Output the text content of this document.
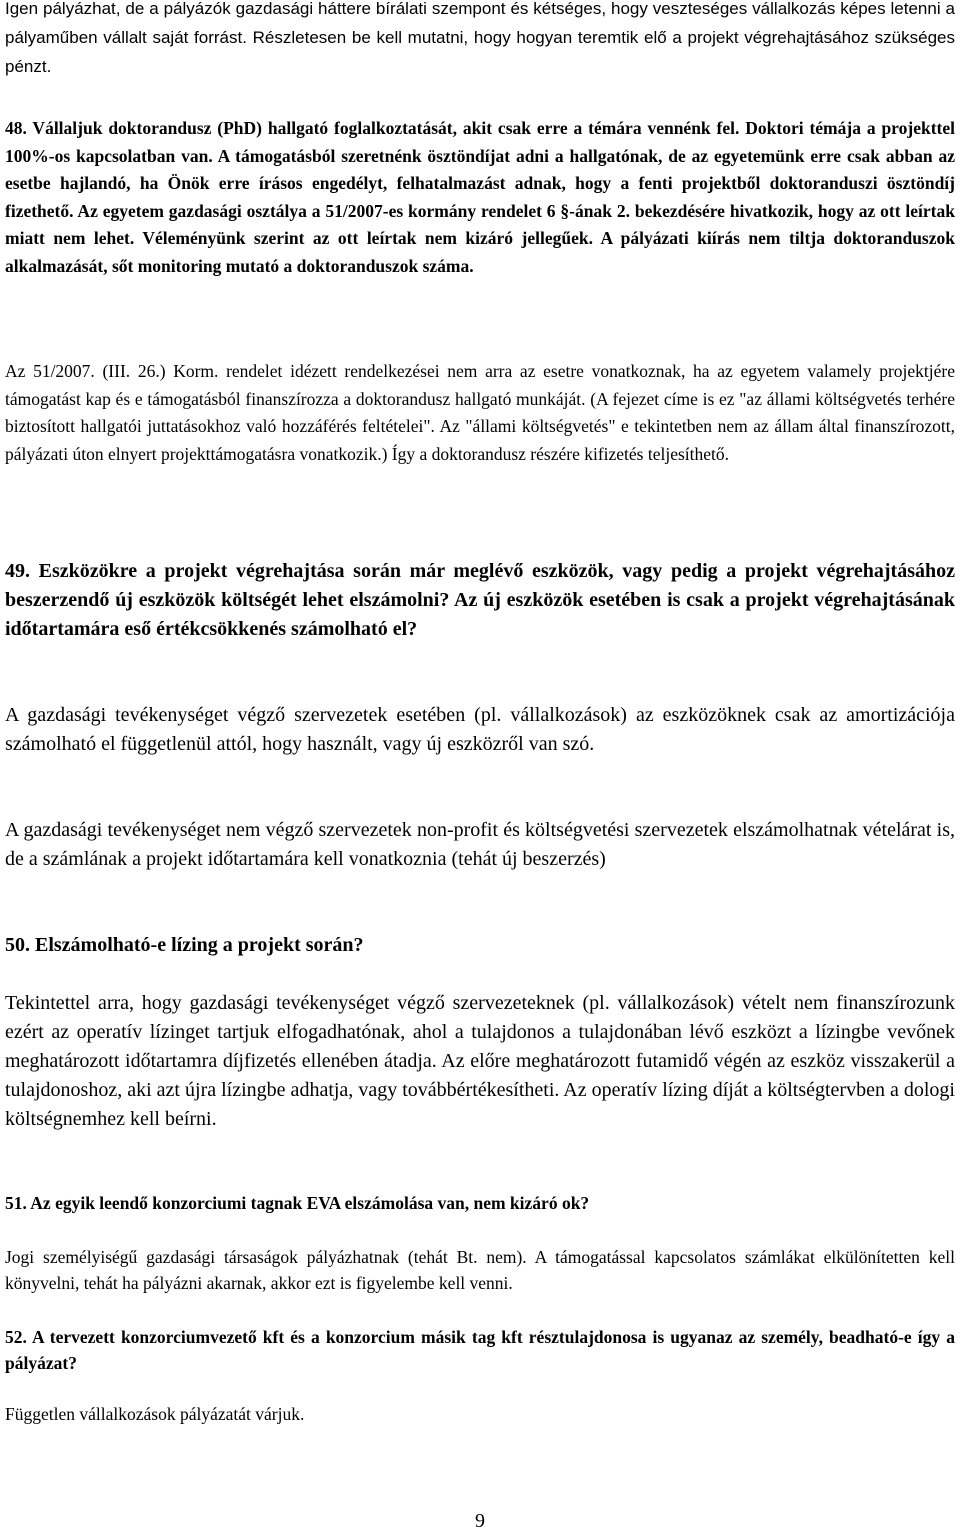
Igen pályázhat, de a pályázók gazdasági háttere bírálati szempont és kétséges, hogy veszteséges vállalkozás képes letenni a pályaműben vállalt saját forrást. Részletesen be kell mutatni, hogy hogyan teremtik elő a projekt végrehajtásához szükséges pénzt.

48. Vállaljuk doktorandusz (PhD) hallgató foglalkoztatását, akit csak erre a témára vennénk fel. Doktori témája a projekttel 100%-os kapcsolatban van. A támogatásból szeretnénk ösztöndíjat adni a hallgatónak, de az egyetemünk erre csak abban az esetbe hajlandó, ha Önök erre írásos engedélyt, felhatalmazást adnak, hogy a fenti projektből doktoranduszi ösztöndíj fizethető. Az egyetem gazdasági osztálya a 51/2007-es kormány rendelet 6 §-ának 2. bekezdésére hivatkozik, hogy az ott leírtak miatt nem lehet. Véleményünk szerint az ott leírtak nem kizáró jellegűek. A pályázati kiírás nem tiltja doktoranduszok alkalmazását, sőt monitoring mutató a doktoranduszok száma.

Az 51/2007. (III. 26.) Korm. rendelet idézett rendelkezései nem arra az esetre vonatkoznak, ha az egyetem valamely projektjére támogatást kap és e támogatásból finanszírozza a doktorandusz hallgató munkáját. (A fejezet címe is ez "az állami költségvetés terhére biztosított hallgatói juttatásokhoz való hozzáférés feltételei". Az "állami költségvetés" e tekintetben nem az állam által finanszírozott, pályázati úton elnyert projekttámogatásra vonatkozik.) Így a doktorandusz részére kifizetés teljesíthető.

49. Eszközökre a projekt végrehajtása során már meglévő eszközök, vagy pedig a projekt végrehajtásához beszerzendő új eszközök költségét lehet elszámolni? Az új eszközök esetében is csak a projekt végrehajtásának időtartamára eső értékcsökkenés számolható el?

A gazdasági tevékenységet végző szervezetek esetében (pl. vállalkozások) az eszközöknek csak az amortizációja számolható el függetlenül attól, hogy használt, vagy új eszközről van szó.

A gazdasági tevékenységet nem végző szervezetek non-profit és költségvetési szervezetek elszámolhatnak vételárat is, de a számlának a projekt időtartamára kell vonatkoznia (tehát új beszerzés)

50. Elszámolható-e lízing a projekt során?

Tekintettel arra, hogy gazdasági tevékenységet végző szervezeteknek (pl. vállalkozások) vételt nem finanszírozunk ezért az operatív lízinget tartjuk elfogadhatónak, ahol a tulajdonos a tulajdonában lévő eszközt a lízingbe vevőnek meghatározott időtartamra díjfizetés ellenében átadja. Az előre meghatározott futamidő végén az eszköz visszakerül a tulajdonoshoz, aki azt újra lízingbe adhatja, vagy továbbértékesítheti. Az operatív lízing díját a költségtervben a dologi költségnemhez kell beírni.

51. Az egyik leendő konzorciumi tagnak EVA elszámolása van, nem kizáró ok?

Jogi személyiségű gazdasági társaságok pályázhatnak (tehát Bt. nem). A támogatással kapcsolatos számlákat elkülönítetten kell könyvelni, tehát ha pályázni akarnak, akkor ezt is figyelembe kell venni.

52. A tervezett konzorciumvezető kft és a konzorcium másik tag kft résztulajdonosa is ugyanaz az személy, beadható-e így a pályázat?

Független vállalkozások pályázatát várjuk.

9
